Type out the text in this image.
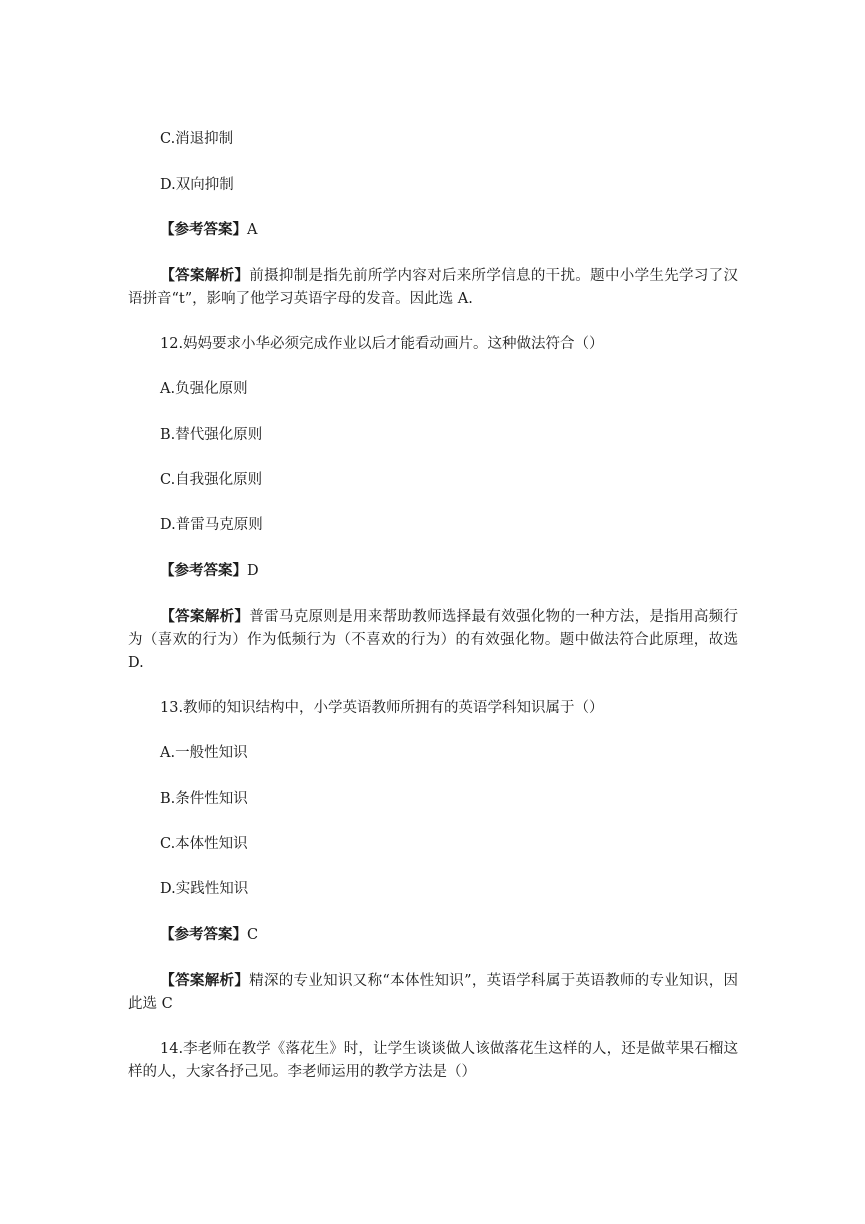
C.消退抑制
D.双向抑制
【参考答案】A
【答案解析】前摄抑制是指先前所学内容对后来所学信息的干扰。题中小学生先学习了汉语拼音“t”，影响了他学习英语字母的发音。因此选 A.
12.妈妈要求小华必须完成作业以后才能看动画片。这种做法符合（）
A.负强化原则
B.替代强化原则
C.自我强化原则
D.普雷马克原则
【参考答案】D
【答案解析】普雷马克原则是用来帮助教师选择最有效强化物的一种方法，是指用高频行为（喜欢的行为）作为低频行为（不喜欢的行为）的有效强化物。题中做法符合此原理，故选 D.
13.教师的知识结构中，小学英语教师所拥有的英语学科知识属于（）
A.一般性知识
B.条件性知识
C.本体性知识
D.实践性知识
【参考答案】C
【答案解析】精深的专业知识又称“本体性知识”，英语学科属于英语教师的专业知识，因此选 C
14.李老师在教学《落花生》时，让学生谈谈做人该做落花生这样的人，还是做苹果石榴这样的人，大家各抒己见。李老师运用的教学方法是（）
